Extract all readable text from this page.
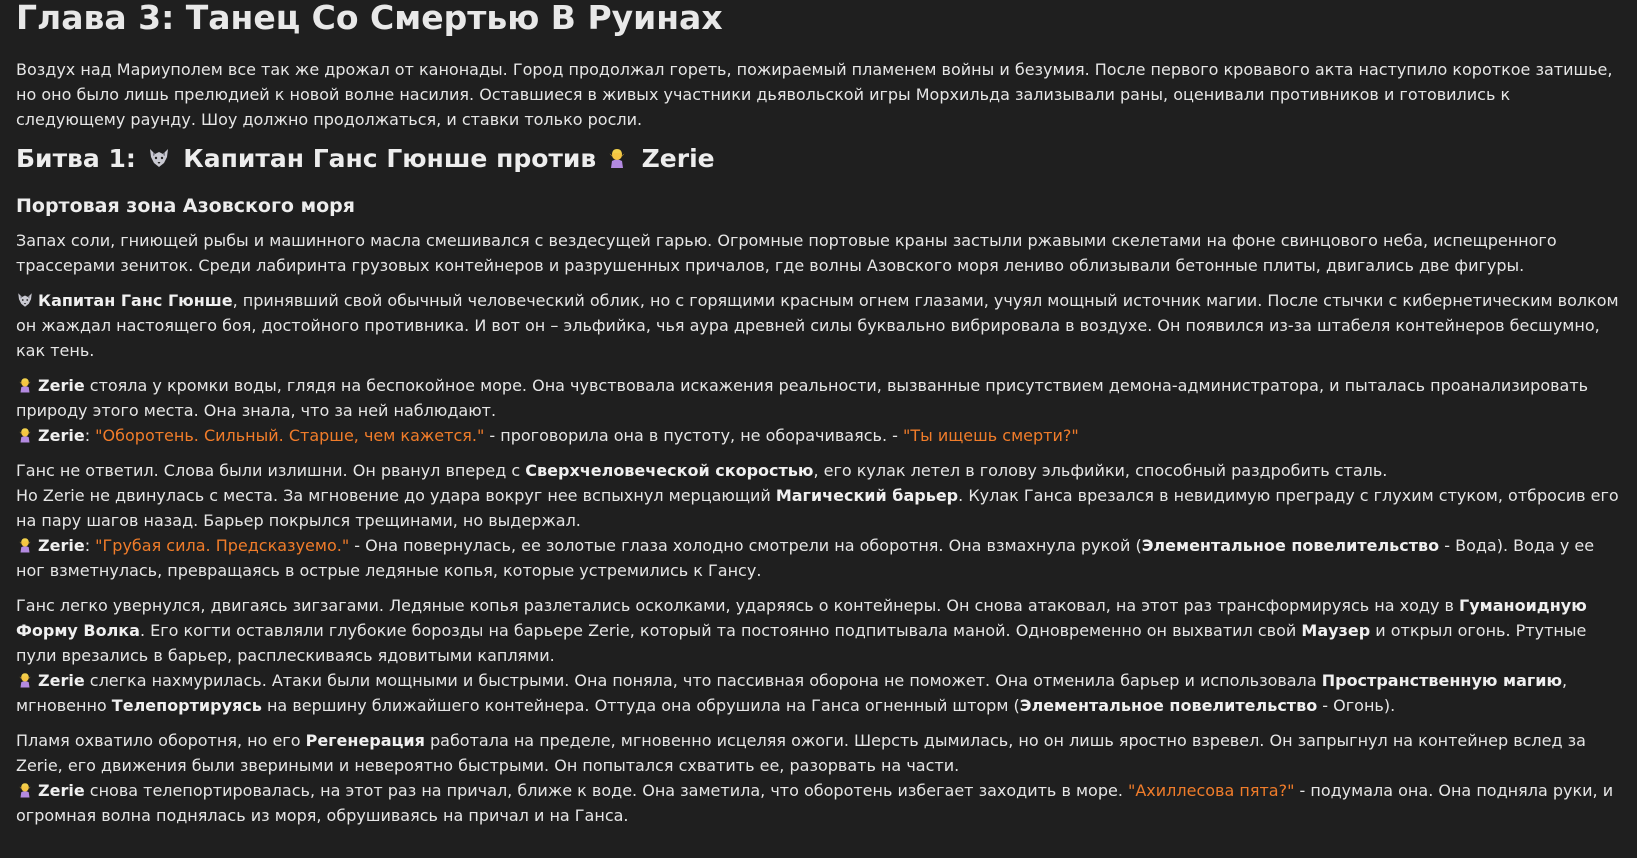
Глава 3: Танец Со Смертью В Руинах

Воздух над Мариуполем все так же дрожал от канонады. Город продолжал гореть, пожираемый пламенем войны и безумия. После первого кровавого акта наступило короткое затишье, но оно было лишь прелюдией к новой волне насилия. Оставшиеся в живых участники дьявольской игры Морхильда зализывали раны, оценивали противников и готовились к следующему раунду. Шоу должно продолжаться, и ставки только росли.

Битва 1: Капитан Ганс Гюнше против Zerie
Портовая зона Азовского моря

Запах соли, гниющей рыбы и машинного масла смешивался с вездесущей гарью. Огромные портовые краны застыли ржавыми скелетами на фоне свинцового неба, испещренного трассерами зениток. Среди лабиринта грузовых контейнеров и разрушенных причалов, где волны Азовского моря лениво облизывали бетонные плиты, двигались две фигуры.

Капитан Ганс Гюнше, принявший свой обычный человеческий облик, но с горящими красным огнем глазами, учуял мощный источник магии. После стычки с кибернетическим волком он жаждал настоящего боя, достойного противника. И вот он – эльфийка, чья аура древней силы буквально вибрировала в воздухе. Он появился из-за штабеля контейнеров бесшумно, как тень.

Zerie стояла у кромки воды, глядя на беспокойное море. Она чувствовала искажения реальности, вызванные присутствием демона-администратора, и пыталась проанализировать природу этого места. Она знала, что за ней наблюдают.

Zerie: "Оборотень. Сильный. Старше, чем кажется." - проговорила она в пустоту, не оборачиваясь. - "Ты ищешь смерти?"

Ганс не ответил. Слова были излишни. Он рванул вперед с Сверхчеловеческой скоростью, его кулак летел в голову эльфийки, способный раздробить сталь.

Но Zerie не двинулась с места. За мгновение до удара вокруг нее вспыхнул мерцающий Магический барьер. Кулак Ганса врезался в невидимую преграду с глухим стуком, отбросив его на пару шагов назад. Барьер покрылся трещинами, но выдержал.

Zerie: "Грубая сила. Предсказуемо." - Она повернулась, ее золотые глаза холодно смотрели на оборотня. Она взмахнула рукой (Элементальное повелительство - Вода). Вода у ее ног взметнулась, превращаясь в острые ледяные копья, которые устремились к Гансу.

Ганс легко увернулся, двигаясь зигзагами. Ледяные копья разлетались осколками, ударяясь о контейнеры. Он снова атаковал, на этот раз трансформируясь на ходу в Гуманоидную Форму Волка. Его когти оставляли глубокие борозды на барьере Zerie, который та постоянно подпитывала маной. Одновременно он выхватил свой Маузер и открыл огонь. Ртутные пули врезались в барьер, расплескиваясь ядовитыми каплями.

Zerie слегка нахмурилась. Атаки были мощными и быстрыми. Она поняла, что пассивная оборона не поможет. Она отменила барьер и использовала Пространственную магию, мгновенно Телепортируясь на вершину ближайшего контейнера. Оттуда она обрушила на Ганса огненный шторм (Элементальное повелительство - Огонь).

Пламя охватило оборотня, но его Регенерация работала на пределе, мгновенно исцеляя ожоги. Шерсть дымилась, но он лишь яростно взревел. Он запрыгнул на контейнер вслед за Zerie, его движения были звериными и невероятно быстрыми. Он попытался схватить ее, разорвать на части.

Zerie снова телепортировалась, на этот раз на причал, ближе к воде. Она заметила, что оборотень избегает заходить в море. "Ахиллесова пята?" - подумала она. Она подняла руки, и огромная волна поднялась из моря, обрушиваясь на причал и на Ганса.
